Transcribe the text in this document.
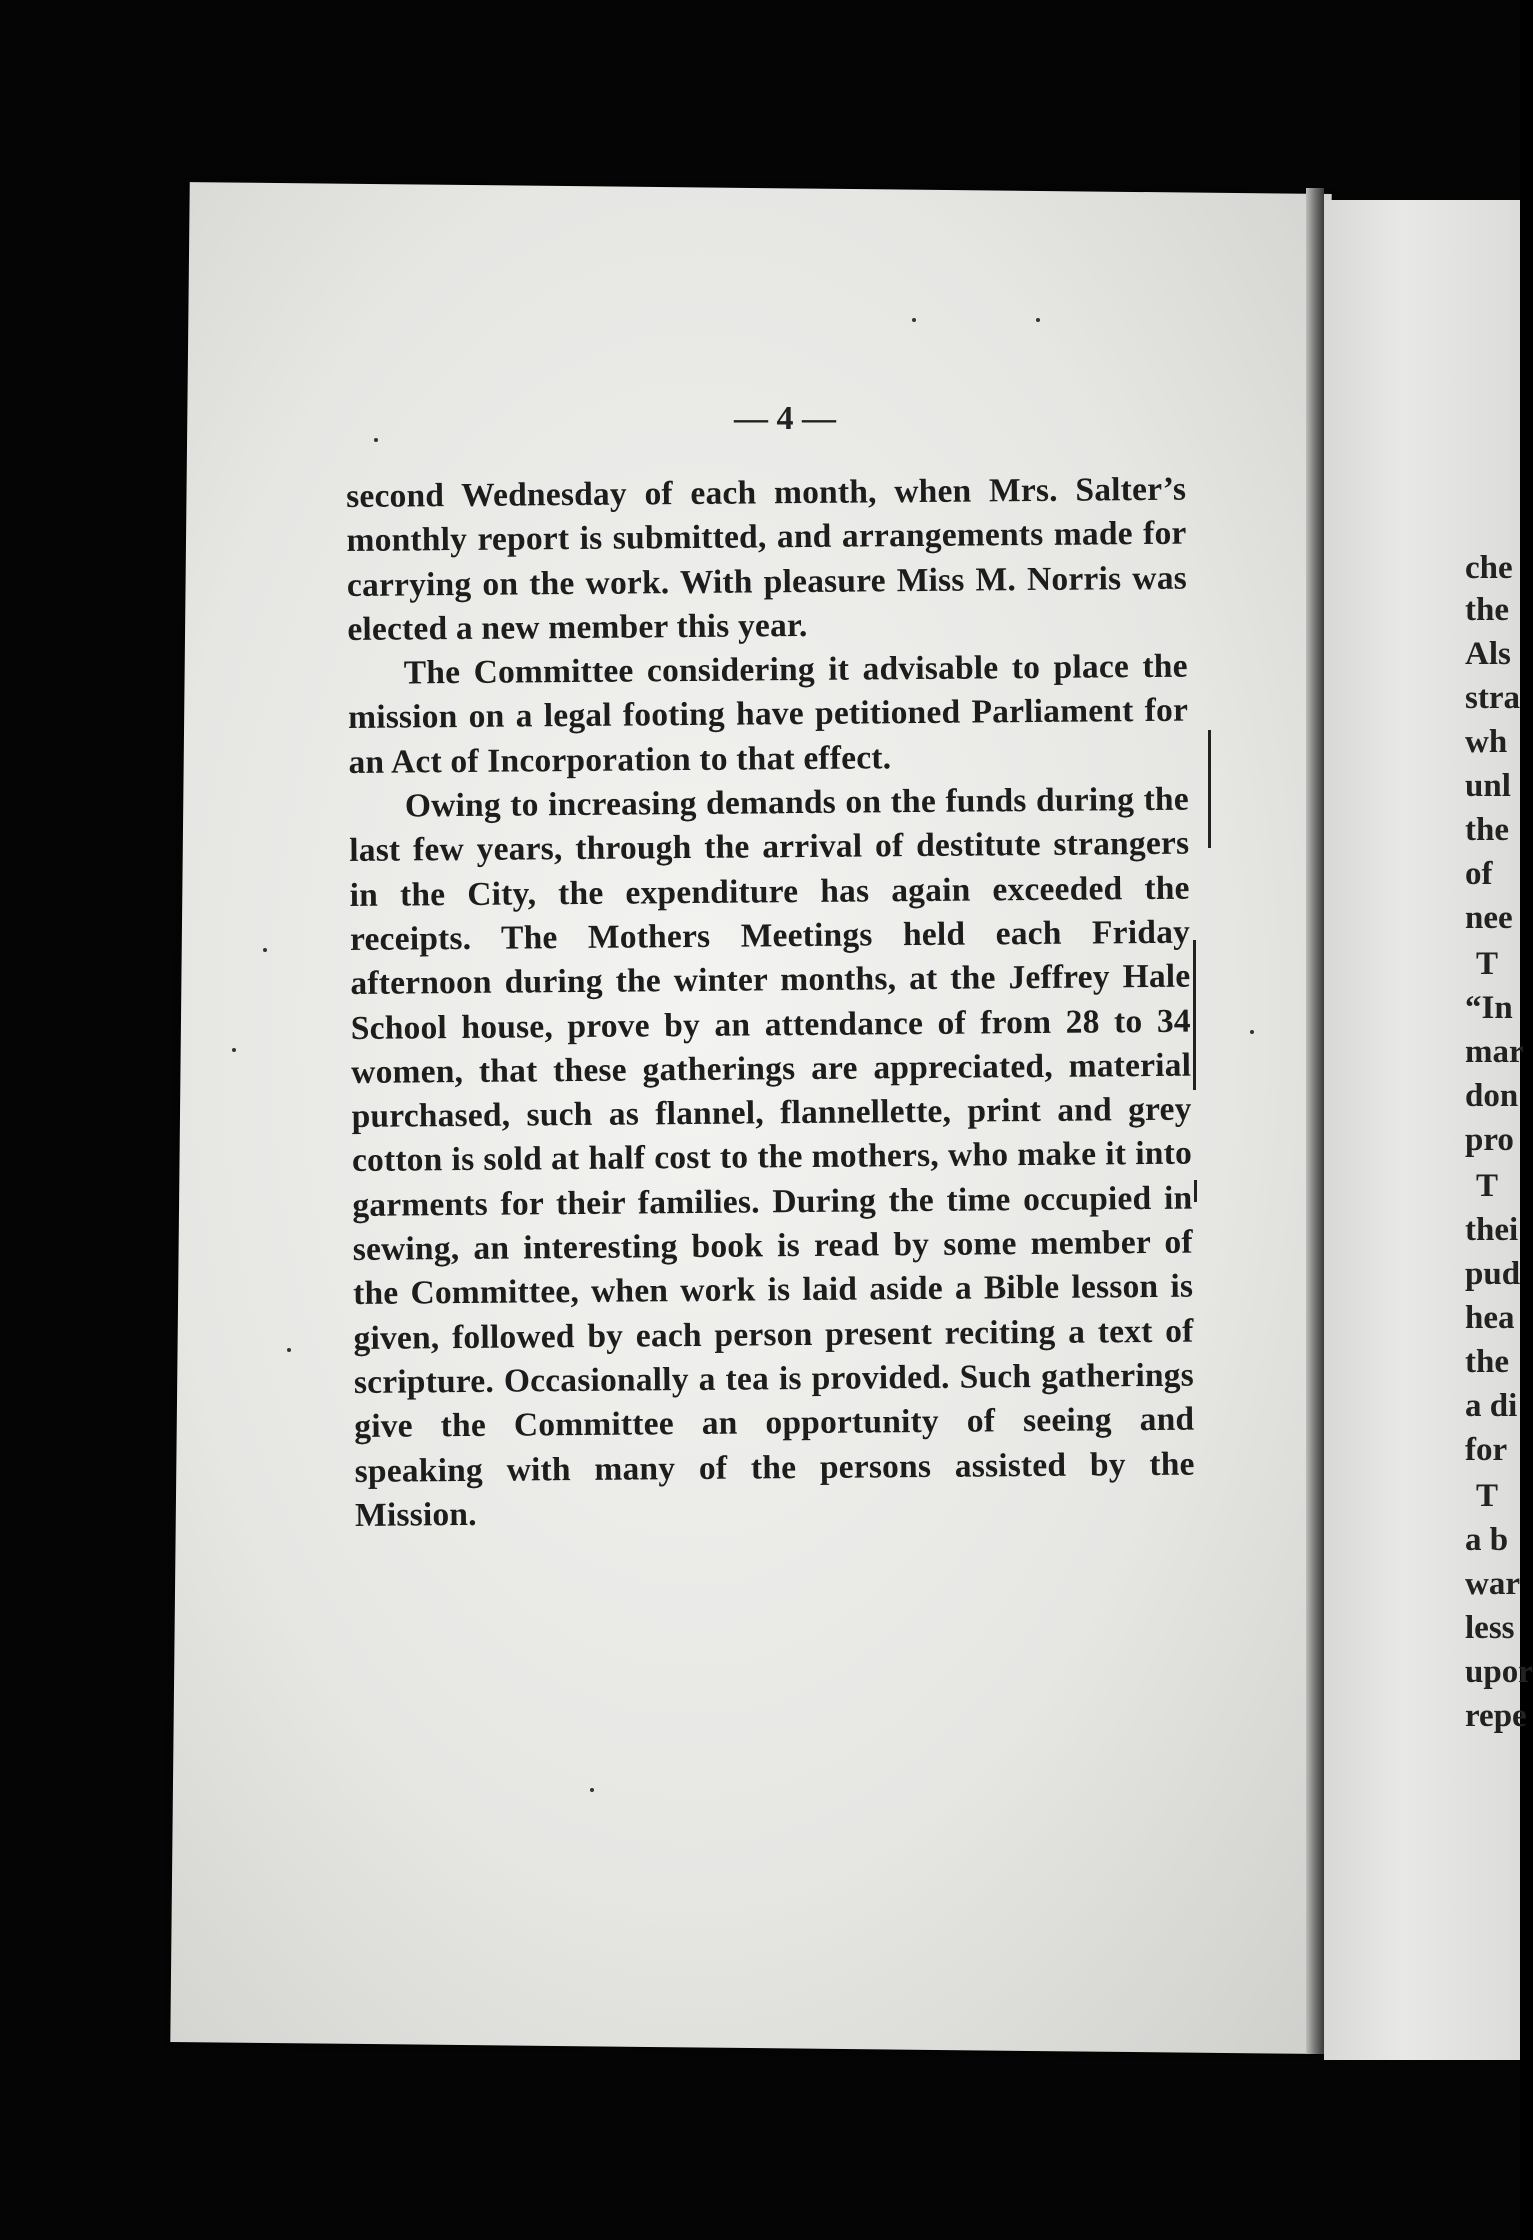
che
the
Als
stra
wh
unl
the
of
nee
T
“In
mar
don
pro
T
thei
pud
hea
the
a di
for
T
a b
war
less
upor
repe
— 4 —

second Wednesday of each month, when Mrs. Salter’s monthly report is submitted, and arrangements made for carrying on the work. With pleasure Miss M. Norris was elected a new member this year.

The Committee considering it advisable to place the mission on a legal footing have petitioned Parliament for an Act of Incorporation to that effect.

Owing to increasing demands on the funds during the last few years, through the arrival of destitute strangers in the City, the expenditure has again exceeded the receipts. The Mothers Meetings held each Friday afternoon during the winter months, at the Jeffrey Hale School house, prove by an attendance of from 28 to 34 women, that these gatherings are appreciated, material purchased, such as flannel, flannellette, print and grey cotton is sold at half cost to the mothers, who make it into garments for their families. During the time occupied in sewing, an interesting book is read by some member of the Committee, when work is laid aside a Bible lesson is given, followed by each person present reciting a text of scripture. Occasionally a tea is provided. Such gatherings give the Committee an opportunity of seeing and speaking with many of the persons assisted by the Mission.
